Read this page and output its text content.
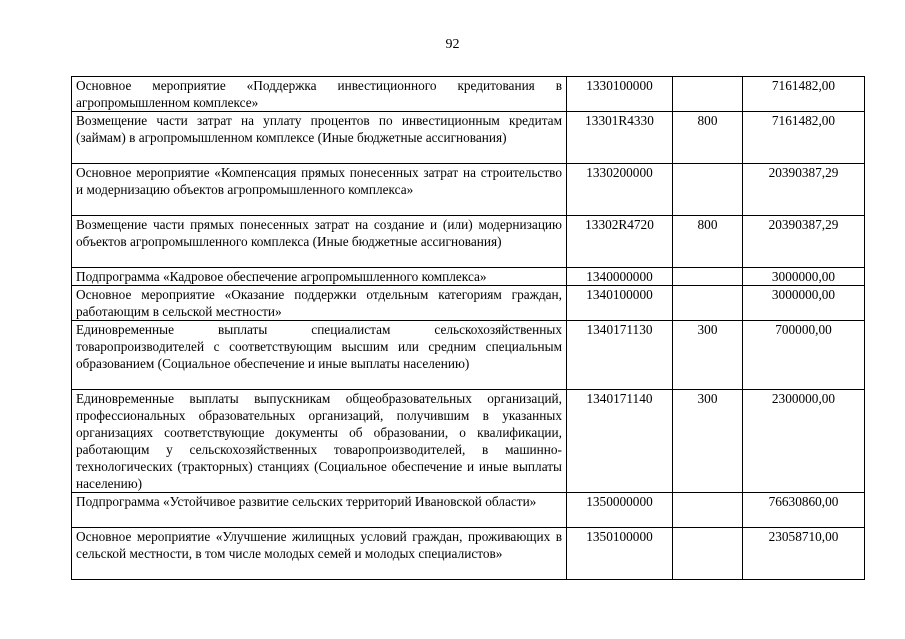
92
Основное мероприятие «Поддержка инвестиционного кредитования в агропромышленном комплексе»	1330100000		7161482,00
Возмещение части затрат на уплату процентов по инвестиционным кредитам (займам) в агропромышленном комплексе (Иные бюджетные ассигнования)	13301R4330	800	7161482,00
Основное мероприятие «Компенсация прямых понесенных затрат на строительство и модернизацию объектов агропромышленного комплекса»	1330200000		20390387,29
Возмещение части прямых понесенных затрат на создание и (или) модернизацию объектов агропромышленного комплекса (Иные бюджетные ассигнования)	13302R4720	800	20390387,29
Подпрограмма «Кадровое обеспечение агропромышленного комплекса»	1340000000		3000000,00
Основное мероприятие «Оказание поддержки отдельным категориям граждан, работающим в сельской местности»	1340100000		3000000,00
Единовременные выплаты специалистам сельскохозяйственных товаропроизводителей с соответствующим высшим или средним специальным образованием (Социальное обеспечение и иные выплаты населению)	1340171130	300	700000,00
Единовременные выплаты выпускникам общеобразовательных организаций, профессиональных образовательных организаций, получившим в указанных организациях соответствующие документы об образовании, о квалификации, работающим у сельскохозяйственных товаропроизводителей, в машинно-технологических (тракторных) станциях (Социальное обеспечение и иные выплаты населению)	1340171140	300	2300000,00
Подпрограмма «Устойчивое развитие сельских территорий Ивановской области»	1350000000		76630860,00
Основное мероприятие «Улучшение жилищных условий граждан, проживающих в сельской местности, в том числе молодых семей и молодых специалистов»	1350100000		23058710,00
